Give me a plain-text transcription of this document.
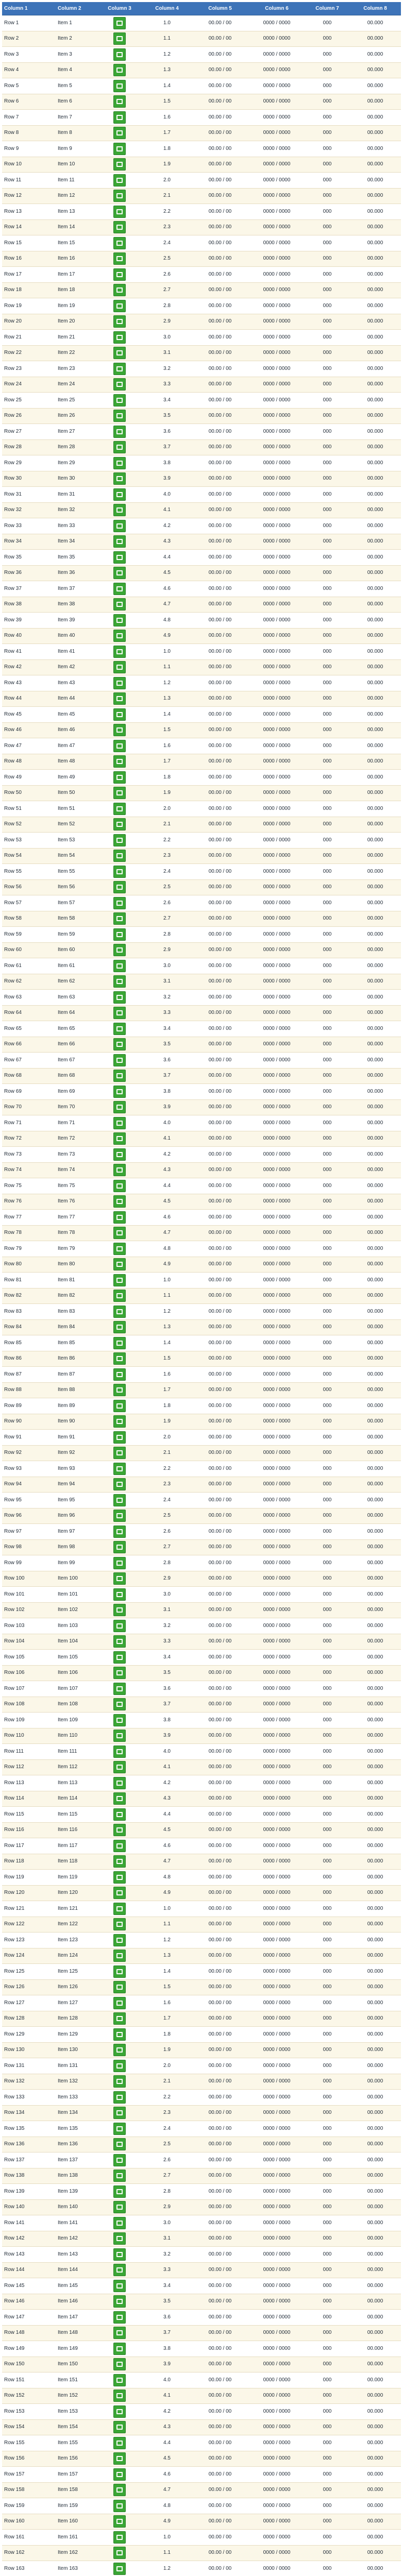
Column 1	Column 2	Column 3	Column 4	Column 5	Column 6	Column 7	Column 8
Row 1	Item 1	1.0	00.00 / 00	0000 / 0000	000	00.000
Row 2	Item 2	1.1	00.00 / 00	0000 / 0000	000	00.000
Row 3	Item 3	1.2	00.00 / 00	0000 / 0000	000	00.000
Row 4	Item 4	1.3	00.00 / 00	0000 / 0000	000	00.000
Row 5	Item 5	1.4	00.00 / 00	0000 / 0000	000	00.000
Row 6	Item 6	1.5	00.00 / 00	0000 / 0000	000	00.000
Row 7	Item 7	1.6	00.00 / 00	0000 / 0000	000	00.000
Row 8	Item 8	1.7	00.00 / 00	0000 / 0000	000	00.000
Row 9	Item 9	1.8	00.00 / 00	0000 / 0000	000	00.000
Row 10	Item 10	1.9	00.00 / 00	0000 / 0000	000	00.000
Row 11	Item 11	2.0	00.00 / 00	0000 / 0000	000	00.000
Row 12	Item 12	2.1	00.00 / 00	0000 / 0000	000	00.000
Row 13	Item 13	2.2	00.00 / 00	0000 / 0000	000	00.000
Row 14	Item 14	2.3	00.00 / 00	0000 / 0000	000	00.000
Row 15	Item 15	2.4	00.00 / 00	0000 / 0000	000	00.000
Row 16	Item 16	2.5	00.00 / 00	0000 / 0000	000	00.000
Row 17	Item 17	2.6	00.00 / 00	0000 / 0000	000	00.000
Row 18	Item 18	2.7	00.00 / 00	0000 / 0000	000	00.000
Row 19	Item 19	2.8	00.00 / 00	0000 / 0000	000	00.000
Row 20	Item 20	2.9	00.00 / 00	0000 / 0000	000	00.000
Row 21	Item 21	3.0	00.00 / 00	0000 / 0000	000	00.000
Row 22	Item 22	3.1	00.00 / 00	0000 / 0000	000	00.000
Row 23	Item 23	3.2	00.00 / 00	0000 / 0000	000	00.000
Row 24	Item 24	3.3	00.00 / 00	0000 / 0000	000	00.000
Row 25	Item 25	3.4	00.00 / 00	0000 / 0000	000	00.000
Row 26	Item 26	3.5	00.00 / 00	0000 / 0000	000	00.000
Row 27	Item 27	3.6	00.00 / 00	0000 / 0000	000	00.000
Row 28	Item 28	3.7	00.00 / 00	0000 / 0000	000	00.000
Row 29	Item 29	3.8	00.00 / 00	0000 / 0000	000	00.000
Row 30	Item 30	3.9	00.00 / 00	0000 / 0000	000	00.000
Row 31	Item 31	4.0	00.00 / 00	0000 / 0000	000	00.000
Row 32	Item 32	4.1	00.00 / 00	0000 / 0000	000	00.000
Row 33	Item 33	4.2	00.00 / 00	0000 / 0000	000	00.000
Row 34	Item 34	4.3	00.00 / 00	0000 / 0000	000	00.000
Row 35	Item 35	4.4	00.00 / 00	0000 / 0000	000	00.000
Row 36	Item 36	4.5	00.00 / 00	0000 / 0000	000	00.000
Row 37	Item 37	4.6	00.00 / 00	0000 / 0000	000	00.000
Row 38	Item 38	4.7	00.00 / 00	0000 / 0000	000	00.000
Row 39	Item 39	4.8	00.00 / 00	0000 / 0000	000	00.000
Row 40	Item 40	4.9	00.00 / 00	0000 / 0000	000	00.000
Row 41	Item 41	1.0	00.00 / 00	0000 / 0000	000	00.000
Row 42	Item 42	1.1	00.00 / 00	0000 / 0000	000	00.000
Row 43	Item 43	1.2	00.00 / 00	0000 / 0000	000	00.000
Row 44	Item 44	1.3	00.00 / 00	0000 / 0000	000	00.000
Row 45	Item 45	1.4	00.00 / 00	0000 / 0000	000	00.000
Row 46	Item 46	1.5	00.00 / 00	0000 / 0000	000	00.000
Row 47	Item 47	1.6	00.00 / 00	0000 / 0000	000	00.000
Row 48	Item 48	1.7	00.00 / 00	0000 / 0000	000	00.000
Row 49	Item 49	1.8	00.00 / 00	0000 / 0000	000	00.000
Row 50	Item 50	1.9	00.00 / 00	0000 / 0000	000	00.000
Row 51	Item 51	2.0	00.00 / 00	0000 / 0000	000	00.000
Row 52	Item 52	2.1	00.00 / 00	0000 / 0000	000	00.000
Row 53	Item 53	2.2	00.00 / 00	0000 / 0000	000	00.000
Row 54	Item 54	2.3	00.00 / 00	0000 / 0000	000	00.000
Row 55	Item 55	2.4	00.00 / 00	0000 / 0000	000	00.000
Row 56	Item 56	2.5	00.00 / 00	0000 / 0000	000	00.000
Row 57	Item 57	2.6	00.00 / 00	0000 / 0000	000	00.000
Row 58	Item 58	2.7	00.00 / 00	0000 / 0000	000	00.000
Row 59	Item 59	2.8	00.00 / 00	0000 / 0000	000	00.000
Row 60	Item 60	2.9	00.00 / 00	0000 / 0000	000	00.000
Row 61	Item 61	3.0	00.00 / 00	0000 / 0000	000	00.000
Row 62	Item 62	3.1	00.00 / 00	0000 / 0000	000	00.000
Row 63	Item 63	3.2	00.00 / 00	0000 / 0000	000	00.000
Row 64	Item 64	3.3	00.00 / 00	0000 / 0000	000	00.000
Row 65	Item 65	3.4	00.00 / 00	0000 / 0000	000	00.000
Row 66	Item 66	3.5	00.00 / 00	0000 / 0000	000	00.000
Row 67	Item 67	3.6	00.00 / 00	0000 / 0000	000	00.000
Row 68	Item 68	3.7	00.00 / 00	0000 / 0000	000	00.000
Row 69	Item 69	3.8	00.00 / 00	0000 / 0000	000	00.000
Row 70	Item 70	3.9	00.00 / 00	0000 / 0000	000	00.000
Row 71	Item 71	4.0	00.00 / 00	0000 / 0000	000	00.000
Row 72	Item 72	4.1	00.00 / 00	0000 / 0000	000	00.000
Row 73	Item 73	4.2	00.00 / 00	0000 / 0000	000	00.000
Row 74	Item 74	4.3	00.00 / 00	0000 / 0000	000	00.000
Row 75	Item 75	4.4	00.00 / 00	0000 / 0000	000	00.000
Row 76	Item 76	4.5	00.00 / 00	0000 / 0000	000	00.000
Row 77	Item 77	4.6	00.00 / 00	0000 / 0000	000	00.000
Row 78	Item 78	4.7	00.00 / 00	0000 / 0000	000	00.000
Row 79	Item 79	4.8	00.00 / 00	0000 / 0000	000	00.000
Row 80	Item 80	4.9	00.00 / 00	0000 / 0000	000	00.000
Row 81	Item 81	1.0	00.00 / 00	0000 / 0000	000	00.000
Row 82	Item 82	1.1	00.00 / 00	0000 / 0000	000	00.000
Row 83	Item 83	1.2	00.00 / 00	0000 / 0000	000	00.000
Row 84	Item 84	1.3	00.00 / 00	0000 / 0000	000	00.000
Row 85	Item 85	1.4	00.00 / 00	0000 / 0000	000	00.000
Row 86	Item 86	1.5	00.00 / 00	0000 / 0000	000	00.000
Row 87	Item 87	1.6	00.00 / 00	0000 / 0000	000	00.000
Row 88	Item 88	1.7	00.00 / 00	0000 / 0000	000	00.000
Row 89	Item 89	1.8	00.00 / 00	0000 / 0000	000	00.000
Row 90	Item 90	1.9	00.00 / 00	0000 / 0000	000	00.000
Row 91	Item 91	2.0	00.00 / 00	0000 / 0000	000	00.000
Row 92	Item 92	2.1	00.00 / 00	0000 / 0000	000	00.000
Row 93	Item 93	2.2	00.00 / 00	0000 / 0000	000	00.000
Row 94	Item 94	2.3	00.00 / 00	0000 / 0000	000	00.000
Row 95	Item 95	2.4	00.00 / 00	0000 / 0000	000	00.000
Row 96	Item 96	2.5	00.00 / 00	0000 / 0000	000	00.000
Row 97	Item 97	2.6	00.00 / 00	0000 / 0000	000	00.000
Row 98	Item 98	2.7	00.00 / 00	0000 / 0000	000	00.000
Row 99	Item 99	2.8	00.00 / 00	0000 / 0000	000	00.000
Row 100	Item 100	2.9	00.00 / 00	0000 / 0000	000	00.000
Row 101	Item 101	3.0	00.00 / 00	0000 / 0000	000	00.000
Row 102	Item 102	3.1	00.00 / 00	0000 / 0000	000	00.000
Row 103	Item 103	3.2	00.00 / 00	0000 / 0000	000	00.000
Row 104	Item 104	3.3	00.00 / 00	0000 / 0000	000	00.000
Row 105	Item 105	3.4	00.00 / 00	0000 / 0000	000	00.000
Row 106	Item 106	3.5	00.00 / 00	0000 / 0000	000	00.000
Row 107	Item 107	3.6	00.00 / 00	0000 / 0000	000	00.000
Row 108	Item 108	3.7	00.00 / 00	0000 / 0000	000	00.000
Row 109	Item 109	3.8	00.00 / 00	0000 / 0000	000	00.000
Row 110	Item 110	3.9	00.00 / 00	0000 / 0000	000	00.000
Row 111	Item 111	4.0	00.00 / 00	0000 / 0000	000	00.000
Row 112	Item 112	4.1	00.00 / 00	0000 / 0000	000	00.000
Row 113	Item 113	4.2	00.00 / 00	0000 / 0000	000	00.000
Row 114	Item 114	4.3	00.00 / 00	0000 / 0000	000	00.000
Row 115	Item 115	4.4	00.00 / 00	0000 / 0000	000	00.000
Row 116	Item 116	4.5	00.00 / 00	0000 / 0000	000	00.000
Row 117	Item 117	4.6	00.00 / 00	0000 / 0000	000	00.000
Row 118	Item 118	4.7	00.00 / 00	0000 / 0000	000	00.000
Row 119	Item 119	4.8	00.00 / 00	0000 / 0000	000	00.000
Row 120	Item 120	4.9	00.00 / 00	0000 / 0000	000	00.000
Row 121	Item 121	1.0	00.00 / 00	0000 / 0000	000	00.000
Row 122	Item 122	1.1	00.00 / 00	0000 / 0000	000	00.000
Row 123	Item 123	1.2	00.00 / 00	0000 / 0000	000	00.000
Row 124	Item 124	1.3	00.00 / 00	0000 / 0000	000	00.000
Row 125	Item 125	1.4	00.00 / 00	0000 / 0000	000	00.000
Row 126	Item 126	1.5	00.00 / 00	0000 / 0000	000	00.000
Row 127	Item 127	1.6	00.00 / 00	0000 / 0000	000	00.000
Row 128	Item 128	1.7	00.00 / 00	0000 / 0000	000	00.000
Row 129	Item 129	1.8	00.00 / 00	0000 / 0000	000	00.000
Row 130	Item 130	1.9	00.00 / 00	0000 / 0000	000	00.000
Row 131	Item 131	2.0	00.00 / 00	0000 / 0000	000	00.000
Row 132	Item 132	2.1	00.00 / 00	0000 / 0000	000	00.000
Row 133	Item 133	2.2	00.00 / 00	0000 / 0000	000	00.000
Row 134	Item 134	2.3	00.00 / 00	0000 / 0000	000	00.000
Row 135	Item 135	2.4	00.00 / 00	0000 / 0000	000	00.000
Row 136	Item 136	2.5	00.00 / 00	0000 / 0000	000	00.000
Row 137	Item 137	2.6	00.00 / 00	0000 / 0000	000	00.000
Row 138	Item 138	2.7	00.00 / 00	0000 / 0000	000	00.000
Row 139	Item 139	2.8	00.00 / 00	0000 / 0000	000	00.000
Row 140	Item 140	2.9	00.00 / 00	0000 / 0000	000	00.000
Row 141	Item 141	3.0	00.00 / 00	0000 / 0000	000	00.000
Row 142	Item 142	3.1	00.00 / 00	0000 / 0000	000	00.000
Row 143	Item 143	3.2	00.00 / 00	0000 / 0000	000	00.000
Row 144	Item 144	3.3	00.00 / 00	0000 / 0000	000	00.000
Row 145	Item 145	3.4	00.00 / 00	0000 / 0000	000	00.000
Row 146	Item 146	3.5	00.00 / 00	0000 / 0000	000	00.000
Row 147	Item 147	3.6	00.00 / 00	0000 / 0000	000	00.000
Row 148	Item 148	3.7	00.00 / 00	0000 / 0000	000	00.000
Row 149	Item 149	3.8	00.00 / 00	0000 / 0000	000	00.000
Row 150	Item 150	3.9	00.00 / 00	0000 / 0000	000	00.000
Row 151	Item 151	4.0	00.00 / 00	0000 / 0000	000	00.000
Row 152	Item 152	4.1	00.00 / 00	0000 / 0000	000	00.000
Row 153	Item 153	4.2	00.00 / 00	0000 / 0000	000	00.000
Row 154	Item 154	4.3	00.00 / 00	0000 / 0000	000	00.000
Row 155	Item 155	4.4	00.00 / 00	0000 / 0000	000	00.000
Row 156	Item 156	4.5	00.00 / 00	0000 / 0000	000	00.000
Row 157	Item 157	4.6	00.00 / 00	0000 / 0000	000	00.000
Row 158	Item 158	4.7	00.00 / 00	0000 / 0000	000	00.000
Row 159	Item 159	4.8	00.00 / 00	0000 / 0000	000	00.000
Row 160	Item 160	4.9	00.00 / 00	0000 / 0000	000	00.000
Row 161	Item 161	1.0	00.00 / 00	0000 / 0000	000	00.000
Row 162	Item 162	1.1	00.00 / 00	0000 / 0000	000	00.000
Row 163	Item 163	1.2	00.00 / 00	0000 / 0000	000	00.000
